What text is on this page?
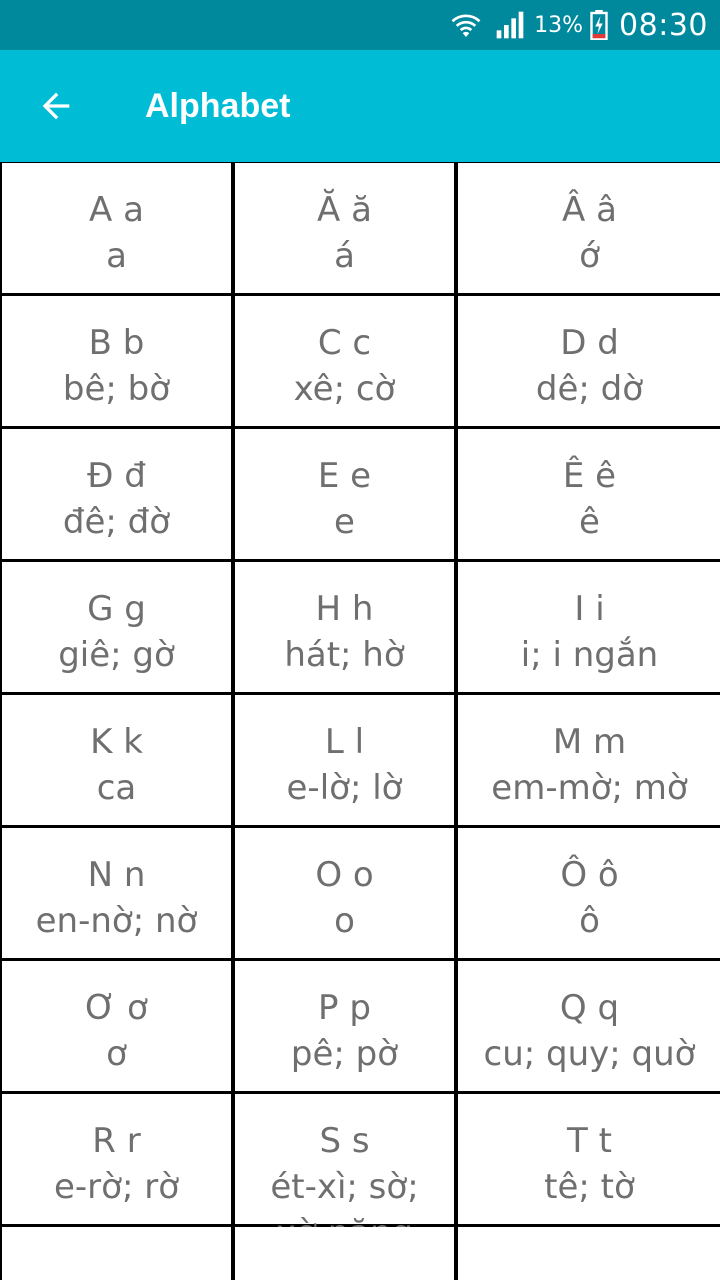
13% 08:30
Alphabet
A a
a
Ă ă
á
Â â
ớ
B b
bê; bờ
C c
xê; cờ
D d
dê; dờ
Đ đ
đê; đờ
E e
e
Ê ê
ê
G g
giê; gờ
H h
hát; hờ
I i
i; i ngắn
K k
ca
L l
e-lờ; lờ
M m
em-mờ; mờ
N n
en-nờ; nờ
O o
o
Ô ô
ô
Ơ ơ
ơ
P p
pê; pờ
Q q
cu; quy; quờ
R r
e-rờ; rờ
S s
ét-xì; sờ;

T t
tê; tờ
